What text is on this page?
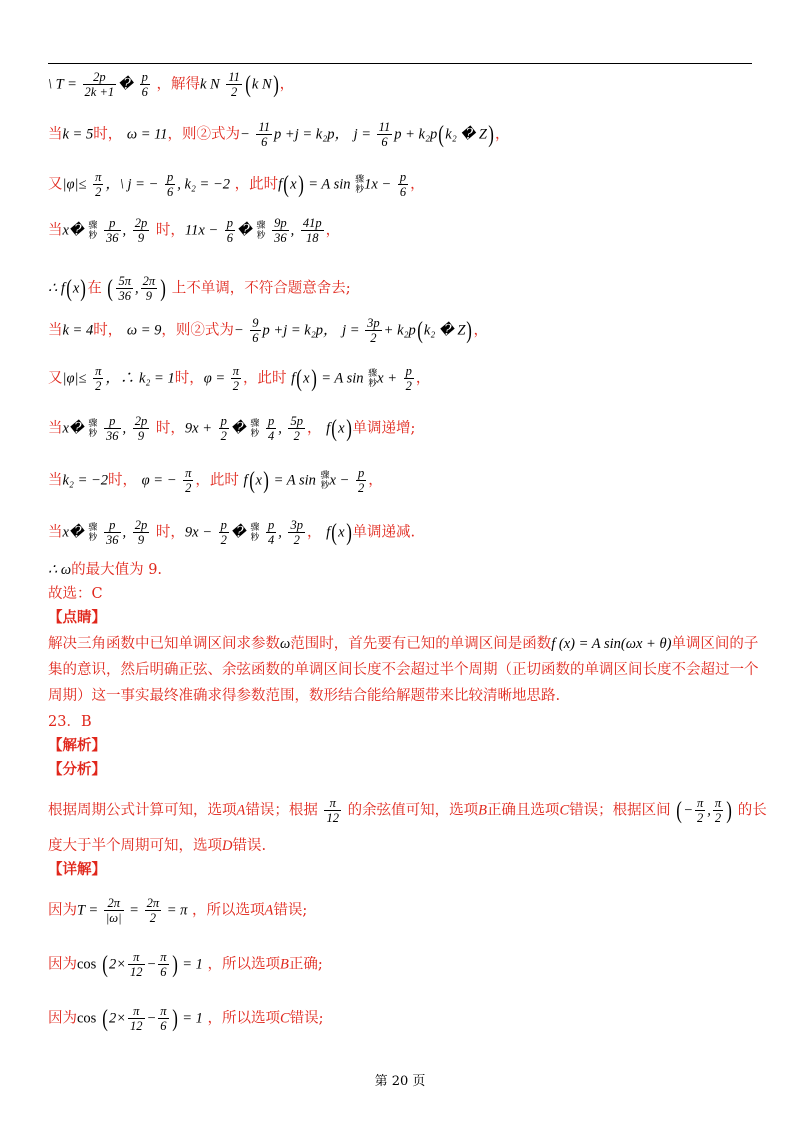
\ $T = \frac{2p}{2k +1}$ � $\frac{p}{6}$ ，解得k N $\frac{11}{2} (k$ N)，
当k = 5时， ω = 11，则②式为− $\frac{11}{6}$ p +j = k₂p， $j = \frac{11}{6}$ p + k₂p(k₂ � Z)，
又$|\varphi|\le \frac{\pi}{2}$ ，\ j = − $\frac{p}{6}$ , k₂ = −2 ，此时f(x) = A sin 骤
粆$1x - \frac{p}{6}$ ，
当x� 骤
粆 $\frac{p}{36}$ , $\frac{2p}{9}$ 时，$11x - \frac{p}{6}$ � 骤
粆 $\frac{9p}{36}$ , $\frac{41p}{18}$ ，
∴ f(x)在 ( $\frac{5\pi}{36}$ , $\frac{2\pi}{9}$ ) 上不单调，不符合题意舍去;
当k = 4时， ω = 9，则②式为− $\frac{9}{6}$ p +j = k₂p， $j = \frac{3p}{2} + k_2p(k_2$ � Z)，
又$|\varphi|\le \frac{\pi}{2}$ ，∴ k₂ = 1时，$\varphi = \frac{\pi}{2}$ ，此时 f(x) = A sin 骤
粆$x + \frac{p}{2}$ ，
当x� 骤
粆 $\frac{p}{36}$ , $\frac{2p}{9}$ 时，$9x + \frac{p}{2}$ � 骤
粆 $\frac{p}{4}$ , $\frac{5p}{2}$ ， f(x)单调递增;
当k₂ = −2时， φ = − $\frac{\pi}{2}$ ，此时 f(x) = A sin 骤
粆$x - \frac{p}{2}$ ，
当x� 骤
粆 $\frac{p}{36}$ , $\frac{2p}{9}$ 时，$9x - \frac{p}{2}$ � 骤
粆 $\frac{p}{4}$ , $\frac{3p}{2}$ ， f(x)单调递减.
∴ ω的最大值为 9.
故选：C
【点睛】
解决三角函数中已知单调区间求参数ω范围时，首先要有已知的单调区间是函数f (x) = A sin(ωx + θ)单调区间的子
集的意识，然后明确正弦、余弦函数的单调区间长度不会超过半个周期（正切函数的单调区间长度不会超过一个
周期）这一事实最终准确求得参数范围，数形结合能给解题带来比较清晰地思路.
23．B
【解析】
【分析】
根据周期公式计算可知，选项A错误；根据 $\frac{\pi}{12}$ 的余弦值可知，选项B正确且选项C错误；根据区间 (− $\frac{\pi}{2}$ , $\frac{\pi}{2}$ ) 的长
度大于半个周期可知，选项D错误.
【详解】
因为$T = \frac{2\pi}{|\omega|} = \frac{2\pi}{2} = \pi$ ，所以选项A错误;
因为$\cos (2\times \frac{\pi}{12} - \frac{\pi}{6}$ ) = 1 ，所以选项B正确;
因为$\cos (2\times \frac{\pi}{12} - \frac{\pi}{6}$ ) = 1 ，所以选项C错误;
第 20 页
